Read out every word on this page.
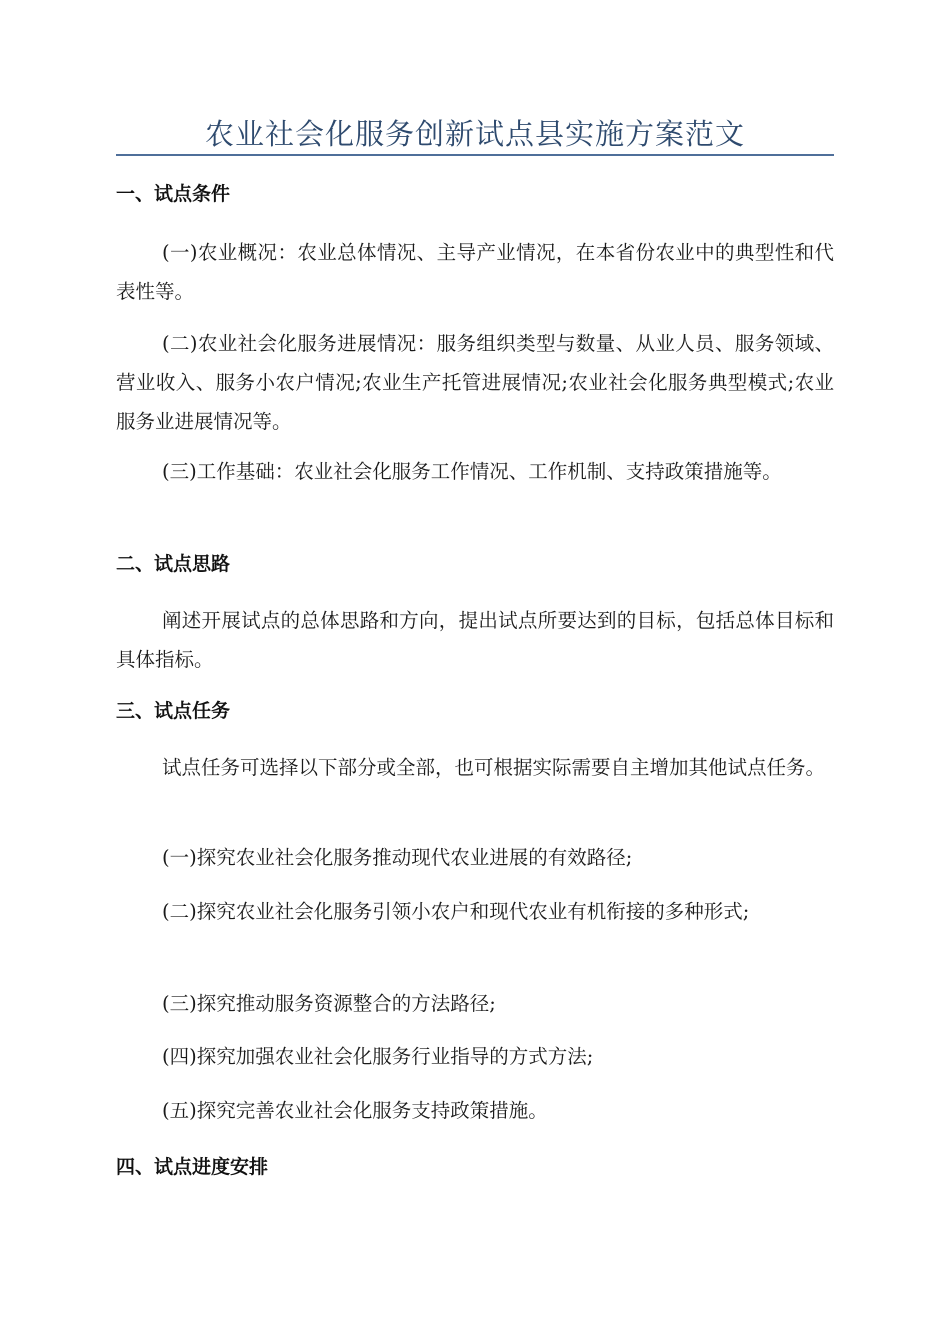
农业社会化服务创新试点县实施方案范文
一、试点条件

(一)农业概况：农业总体情况、主导产业情况，在本省份农业中的典型性和代表性等。

(二)农业社会化服务进展情况：服务组织类型与数量、从业人员、服务领域、营业收入、服务小农户情况;农业生产托管进展情况;农业社会化服务典型模式;农业服务业进展情况等。

(三)工作基础：农业社会化服务工作情况、工作机制、支持政策措施等。

二、试点思路

阐述开展试点的总体思路和方向，提出试点所要达到的目标，包括总体目标和具体指标。

三、试点任务

试点任务可选择以下部分或全部，也可根据实际需要自主增加其他试点任务。

(一)探究农业社会化服务推动现代农业进展的有效路径;

(二)探究农业社会化服务引领小农户和现代农业有机衔接的多种形式;

(三)探究推动服务资源整合的方法路径;

(四)探究加强农业社会化服务行业指导的方式方法;

(五)探究完善农业社会化服务支持政策措施。

四、试点进度安排
